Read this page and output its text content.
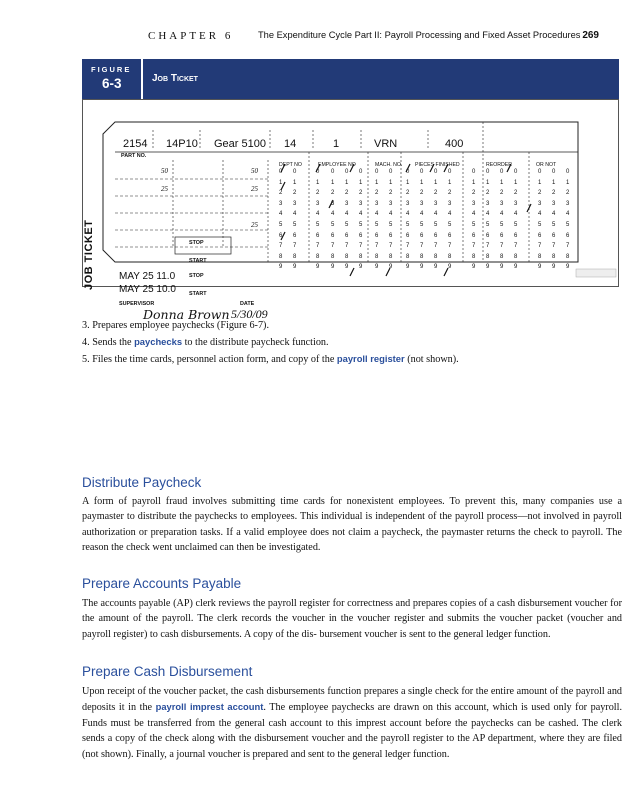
CHAPTER 6	The Expenditure Cycle Part II: Payroll Processing and Fixed Asset Procedures 269
FIGURE
6-3	Job Ticket
JOB TICKET
2154
PART NO.
14P10 Gear 5100 14	1	VRN	400
50	50
25	25
25
STOP
START
STOP
START
MAY 25 11.0
MAY 25 10.0
SUPERVISOR	DATE
Donna Brown 5/30/09
DEPT NO	EMPLOYEE NO	MACH. NO. PIECES FINISHED	REORDER	OR NOT
0 0	0 0 0 0 0 0 0 0 0 0	0 0 0 0	0 0 0
1 1	1 1 1 1 1 1 1 1 1 1	1 1 1 1	1 1 1
2 2	2 2 2 2 2 2 2 2 2 2	2 2 2 2	2 2 2
3 3	3 3 3 3 3 3 3 3 3 3	3 3 3 3	3 3 3
4 4	4 4 4 4 4 4 4 4 4 4	4 4 4 4	4 4 4
5 5	5 5 5 5 5 5 5 5 5 5	5 5 5 5	5 5 5
6 6	6 6 6 6 6 6 6 6 6 6	6 6 6 6	6 6 6
7 7	7 7 7 7 7 7 7 7 7 7	7 7 7 7	7 7 7
8 8	8 8 8 8 8 8 8 8 8 8	8 8 8 8	8 8 8
9 9	9 9 9 9 9 9 9 9 9 9	9 9 9 9	9 9 9
3. Prepares employee paychecks (Figure 6-7).
4. Sends the paychecks to the distribute paycheck function.
5. Files the time cards, personnel action form, and copy of the payroll register (not shown).
Distribute Paycheck
A form of payroll fraud involves submitting time cards for nonexistent employees. To prevent this, many companies use a paymaster to distribute the paychecks to employees. This individual is independent of the payroll process—not involved in payroll authorization or preparation tasks. If a valid employee does not claim a paycheck, the paymaster returns the check to payroll. The reason the check went unclaimed can then be investigated.
Prepare Accounts Payable
The accounts payable (AP) clerk reviews the payroll register for correctness and prepares copies of a cash disbursement voucher for the amount of the payroll. The clerk records the voucher in the voucher register and submits the voucher packet (voucher and payroll register) to cash disbursements. A copy of the dis- bursement voucher is sent to the general ledger function.
Prepare Cash Disbursement
Upon receipt of the voucher packet, the cash disbursements function prepares a single check for the entire amount of the payroll and deposits it in the payroll imprest account. The employee paychecks are drawn on this account, which is used only for payroll. Funds must be transferred from the general cash account to this imprest account before the paychecks can be cashed. The clerk sends a copy of the check along with the disbursement voucher and the payroll register to the AP department, where they are filed (not shown). Finally, a journal voucher is prepared and sent to the general ledger function.
